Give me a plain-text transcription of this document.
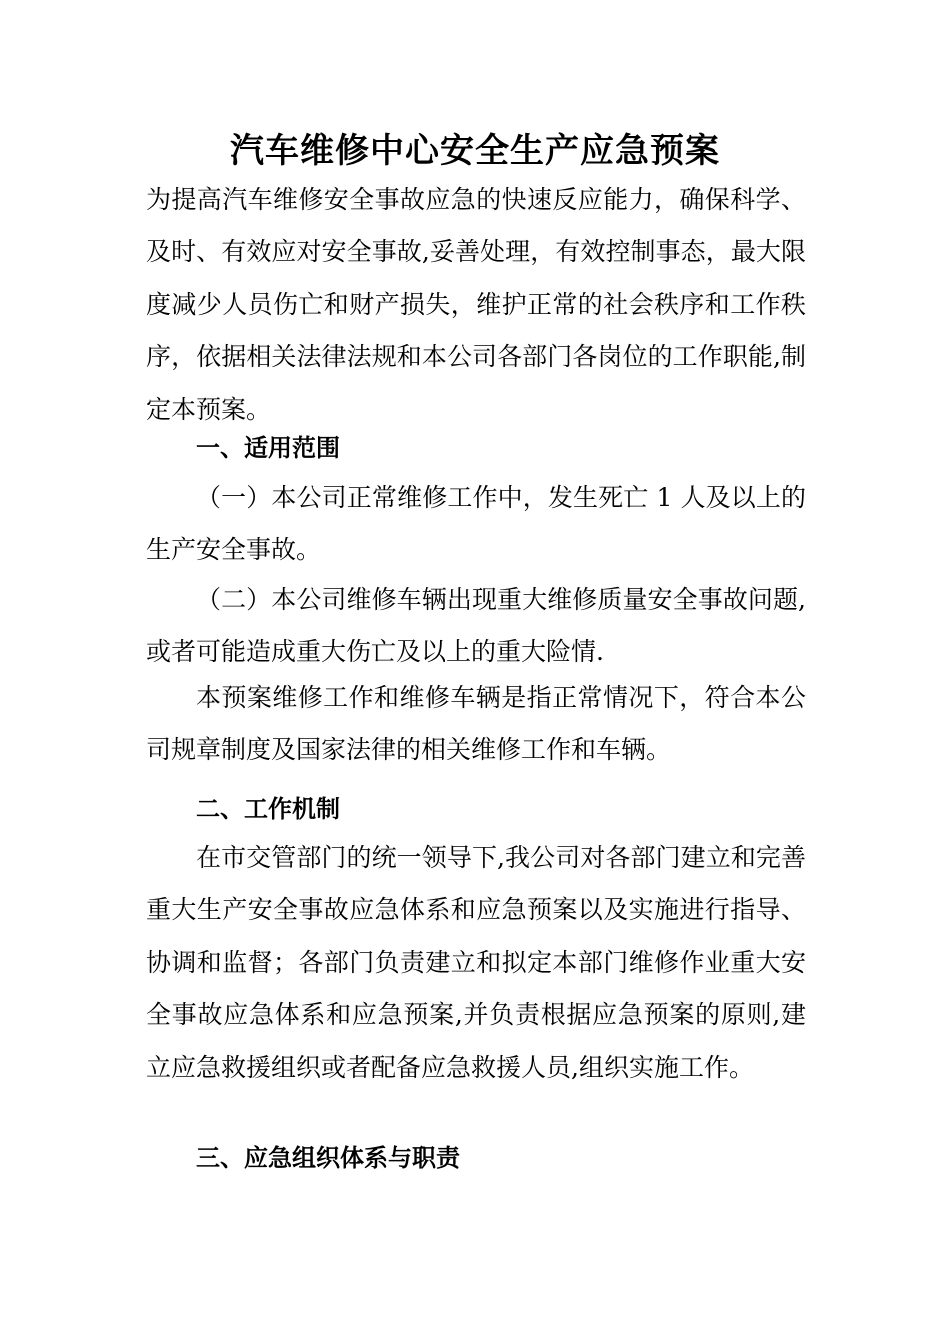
汽车维修中心安全生产应急预案

为提高汽车维修安全事故应急的快速反应能力，确保科学、及时、有效应对安全事故,妥善处理，有效控制事态，最大限度减少人员伤亡和财产损失，维护正常的社会秩序和工作秩序，依据相关法律法规和本公司各部门各岗位的工作职能,制定本预案。

一、适用范围

（一）本公司正常维修工作中，发生死亡 1 人及以上的生产安全事故。

（二）本公司维修车辆出现重大维修质量安全事故问题,或者可能造成重大伤亡及以上的重大险情.

本预案维修工作和维修车辆是指正常情况下，符合本公司规章制度及国家法律的相关维修工作和车辆。

二、工作机制

在市交管部门的统一领导下,我公司对各部门建立和完善重大生产安全事故应急体系和应急预案以及实施进行指导、协调和监督；各部门负责建立和拟定本部门维修作业重大安全事故应急体系和应急预案,并负责根据应急预案的原则,建立应急救援组织或者配备应急救援人员,组织实施工作。

三、应急组织体系与职责
